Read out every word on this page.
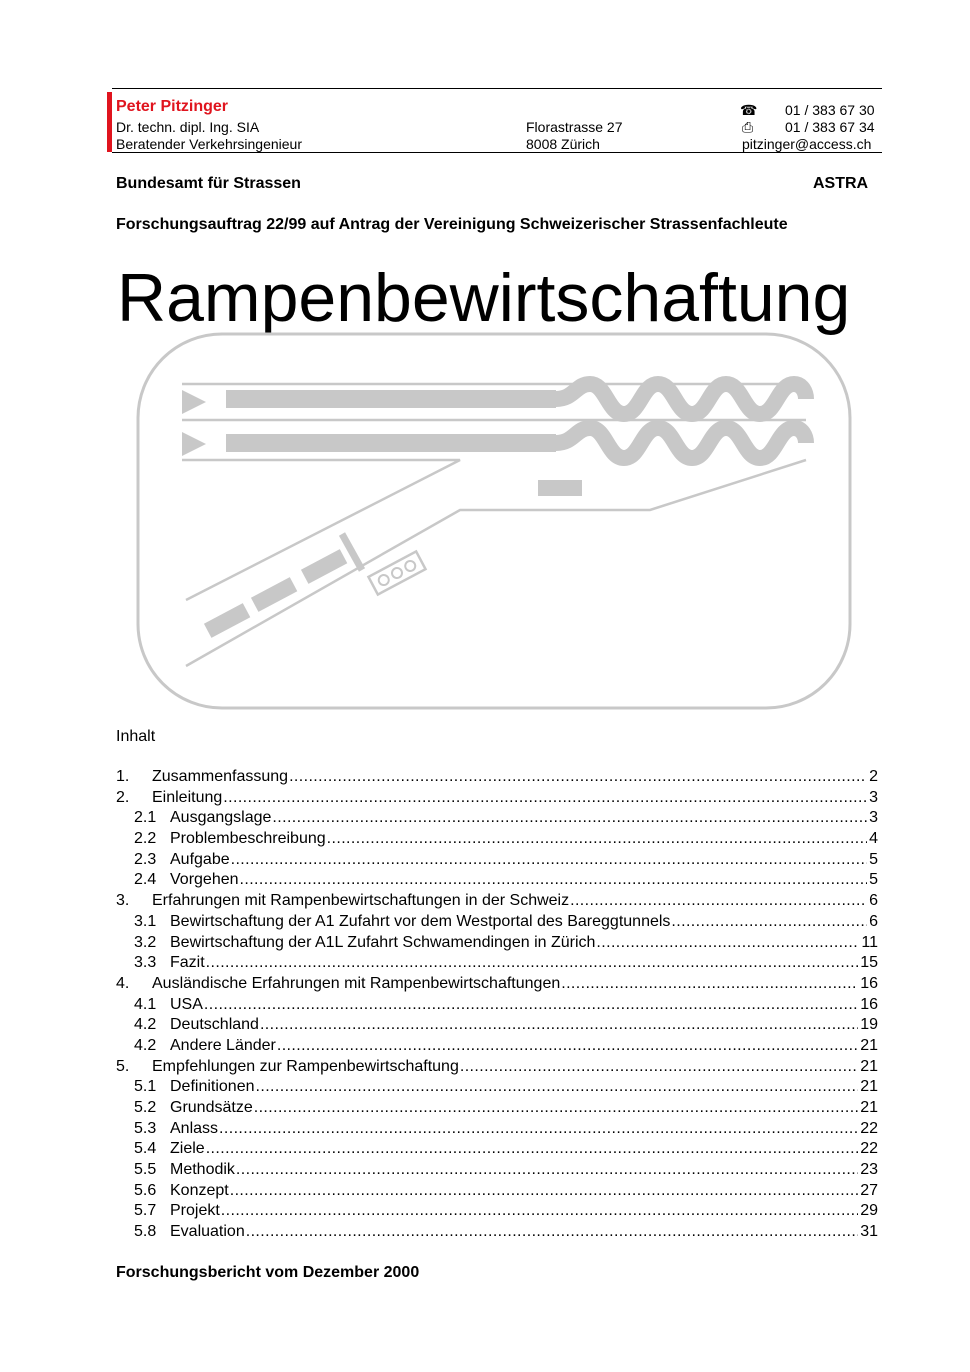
Peter Pitzinger
Dr. techn. dipl. Ing. SIA
Beratender Verkehrsingenieur
Florastrasse 27
8008 Zürich
☎
⎙
01 / 383 67 30
01 / 383 67 34
pitzinger@access.ch
Bundesamt für Strassen	ASTRA
Forschungsauftrag 22/99 auf Antrag der Vereinigung Schweizerischer Strassenfachleute
Rampenbewirtschaftung
Inhalt
1.	Zusammenfassung .....	2
2.	Einleitung .....	3
2.1 Ausgangslage .....	3
2.2 Problembeschreibung .....	4
2.3 Aufgabe .....	5
2.4 Vorgehen .....	5
3.	Erfahrungen mit Rampenbewirtschaftungen in der Schweiz .....	6
3.1 Bewirtschaftung der A1 Zufahrt vor dem Westportal des Bareggtunnels .....	6
3.2 Bewirtschaftung der A1L Zufahrt Schwamendingen in Zürich .....	11
3.3 Fazit .....	15
4.	Ausländische Erfahrungen mit Rampenbewirtschaftungen .....	16
4.1 USA .....	16
4.2 Deutschland .....	19
4.2 Andere Länder .....	21
5.	Empfehlungen zur Rampenbewirtschaftung .....	21
5.1 Definitionen .....	21
5.2 Grundsätze .....	21
5.3 Anlass .....	22
5.4 Ziele .....	22
5.5 Methodik .....	23
5.6 Konzept .....	27
5.7 Projekt .....	29
5.8 Evaluation .....	31
Forschungsbericht vom Dezember 2000
